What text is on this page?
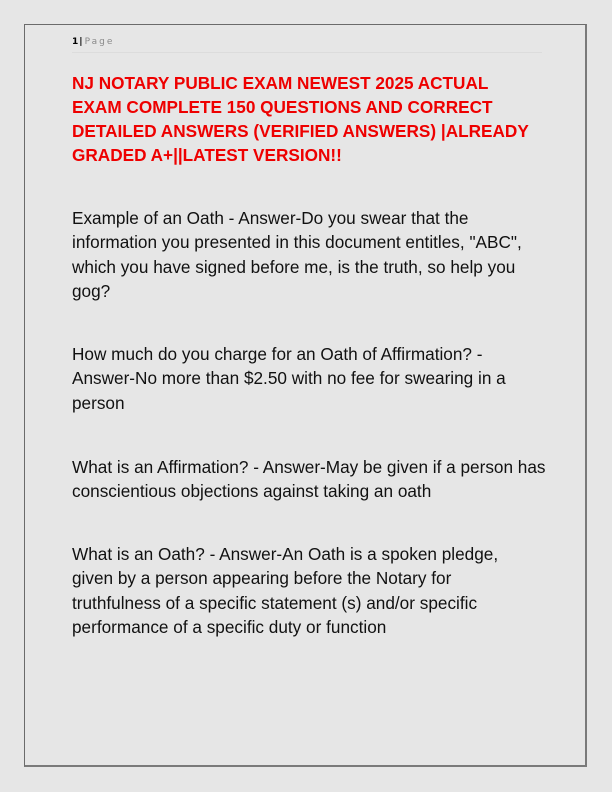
1| Page
NJ NOTARY PUBLIC EXAM NEWEST 2025 ACTUAL EXAM COMPLETE 150 QUESTIONS AND CORRECT DETAILED ANSWERS (VERIFIED ANSWERS) |ALREADY GRADED A+||LATEST VERSION!!

Example of an Oath - Answer-Do you swear that the information you presented in this document entitles, "ABC", which you have signed before me, is the truth, so help you gog?

How much do you charge for an Oath of Affirmation? - Answer-No more than $2.50 with no fee for swearing in a person

What is an Affirmation? - Answer-May be given if a person has conscientious objections against taking an oath

What is an Oath? - Answer-An Oath is a spoken pledge, given by a person appearing before the Notary for truthfulness of a specific statement (s) and/or specific performance of a specific duty or function
